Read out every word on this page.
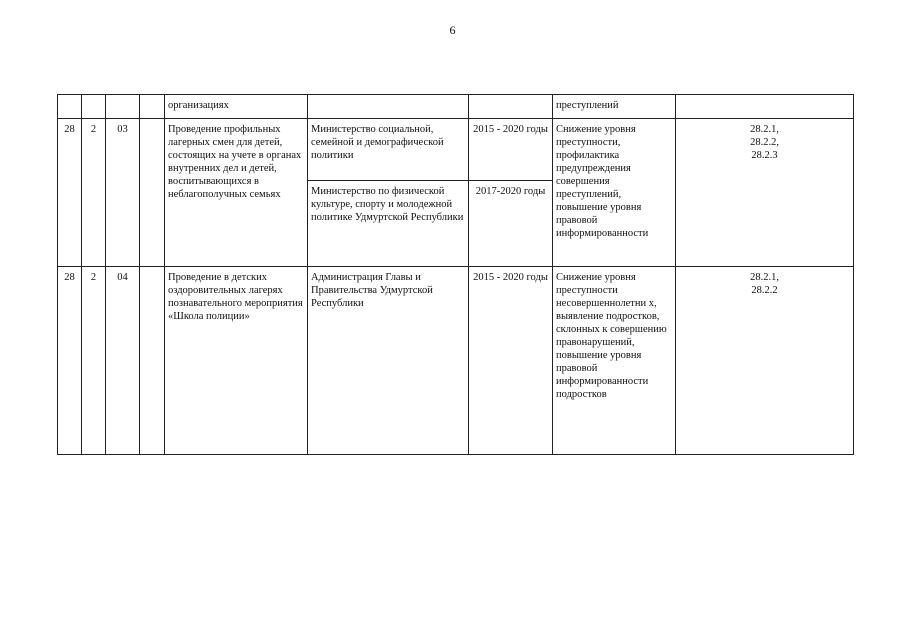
6
				организациях			преступлений	
28	2	03		Проведение профильных лагерных смен для детей, состоящих на учете в органах внутренних дел и детей, воспитывающихся в неблагополучных семьях	Министерство социальной, семейной и демографической политики	2015 - 2020 годы	Снижение уровня преступности, профилактика предупреждения совершения преступлений, повышение уровня правовой информированности	28.2.1,
28.2.2,
28.2.3

					Министерство по физической культуре, спорту и молодежной политике Удмуртской Республики	2017-2020 годы		
28	2	04		Проведение в детских оздоровительных лагерях познавательного мероприятия «Школа полиции»	Администрация Главы и Правительства Удмуртской Республики	2015 - 2020 годы	Снижение уровня преступности несовершеннолетни х, выявление подростков, склонных к совершению правонарушений, повышение уровня правовой информированности подростков	28.2.1,
28.2.2
